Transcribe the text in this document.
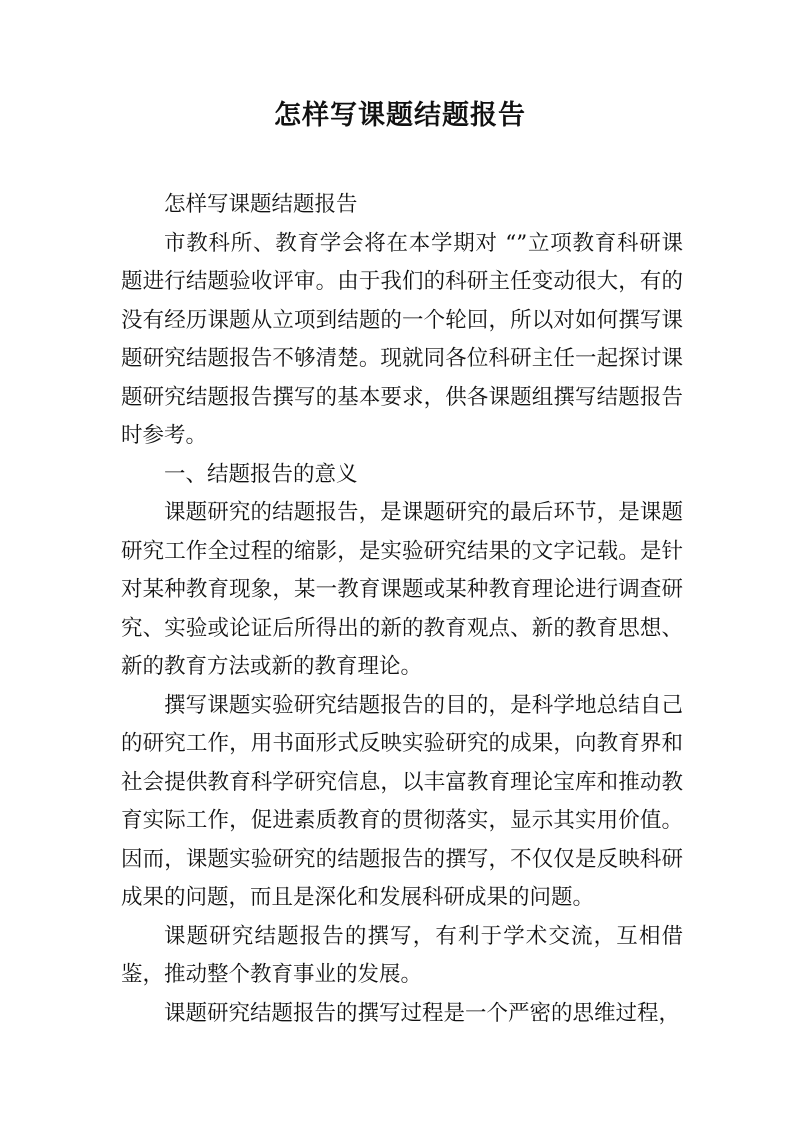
怎样写课题结题报告

怎样写课题结题报告

市教科所、教育学会将在本学期对 “”立项教育科研课题进行结题验收评审。由于我们的科研主任变动很大，有的没有经历课题从立项到结题的一个轮回，所以对如何撰写课题研究结题报告不够清楚。现就同各位科研主任一起探讨课题研究结题报告撰写的基本要求，供各课题组撰写结题报告时参考。

一、结题报告的意义

课题研究的结题报告，是课题研究的最后环节，是课题研究工作全过程的缩影，是实验研究结果的文字记载。是针对某种教育现象，某一教育课题或某种教育理论进行调查研究、实验或论证后所得出的新的教育观点、新的教育思想、新的教育方法或新的教育理论。

撰写课题实验研究结题报告的目的，是科学地总结自己的研究工作，用书面形式反映实验研究的成果，向教育界和社会提供教育科学研究信息，以丰富教育理论宝库和推动教育实际工作，促进素质教育的贯彻落实，显示其实用价值。因而，课题实验研究的结题报告的撰写，不仅仅是反映科研成果的问题，而且是深化和发展科研成果的问题。

课题研究结题报告的撰写，有利于学术交流，互相借鉴，推动整个教育事业的发展。

课题研究结题报告的撰写过程是一个严密的思维过程，
